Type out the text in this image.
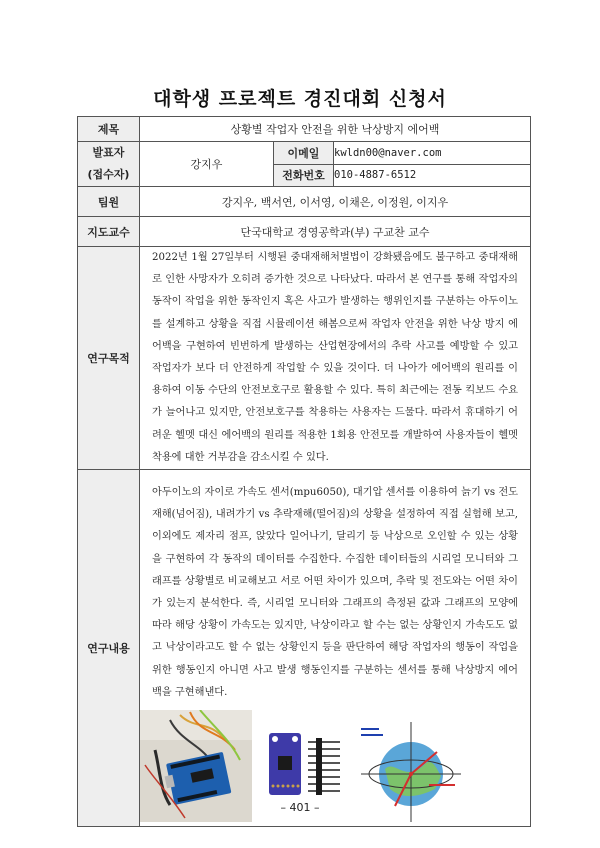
대학생 프로젝트 경진대회 신청서
제목	상황별 작업자 안전을 위한 낙상방지 에어백		

발표자
(접수자)	강지우	이메일	kwldn00@naver.com
		전화번호	010-4887-6512
팀원	강지우, 백서연, 이서영, 이채은, 이정원, 이지우		
지도교수	단국대학교 경영공학과(부) 구교찬 교수		
연구목적	2022년 1월 27일부터 시행된 중대재해처벌법이 강화됐음에도 불구하고 중대재해로 인한 사망자가 오히려 증가한 것으로 나타났다. 따라서 본 연구를 통해 작업자의 동작이 작업을 위한 동작인지 혹은 사고가 발생하는 행위인지를 구분하는 아두이노를 설계하고 상황을 직접 시뮬레이션 해봄으로써 작업자 안전을 위한 낙상 방지 에어백을 구현하여 빈번하게 발생하는 산업현장에서의 추락 사고를 예방할 수 있고 작업자가 보다 더 안전하게 작업할 수 있을 것이다. 더 나아가 에어백의 원리를 이용하여 이동 수단의 안전보호구로 활용할 수 있다. 특히 최근에는 전동 킥보드 수요가 늘어나고 있지만, 안전보호구를 착용하는 사용자는 드물다. 따라서 휴대하기 어려운 헬멧 대신 에어백의 원리를 적용한 1회용 안전모를 개발하여 사용자들이 헬멧 착용에 대한 거부감을 감소시킬 수 있다.		

연구내용	아두이노의 자이로 가속도 센서(mpu6050), 대기압 센서를 이용하여 늙기 vs 전도 재해(넘어짐), 내려가기 vs 추락재해(떨어짐)의 상황을 설정하여 직접 실험해 보고, 이외에도 제자리 점프, 앉았다 일어나기, 달리기 등 낙상으로 오인할 수 있는 상황을 구현하여 각 동작의 데이터를 수집한다. 수집한 데이터들의 시리얼 모니터와 그래프를 상황별로 비교해보고 서로 어떤 차이가 있으며, 추락 및 전도와는 어떤 차이가 있는지 분석한다. 즉, 시리얼 모니터와 그래프의 측정된 값과 그래프의 모양에 따라 해당 상황이 가속도는 있지만, 낙상이라고 할 수는 없는 상황인지 가속도도 없고 낙상이라고도 할 수 없는 상황인지 등을 판단하여 해당 작업자의 행동이 작업을 위한 행동인지 아니면 사고 발생 행동인지를 구분하는 센서를 통해 낙상방지 에어백을 구현해낸다.		
– 401 –
